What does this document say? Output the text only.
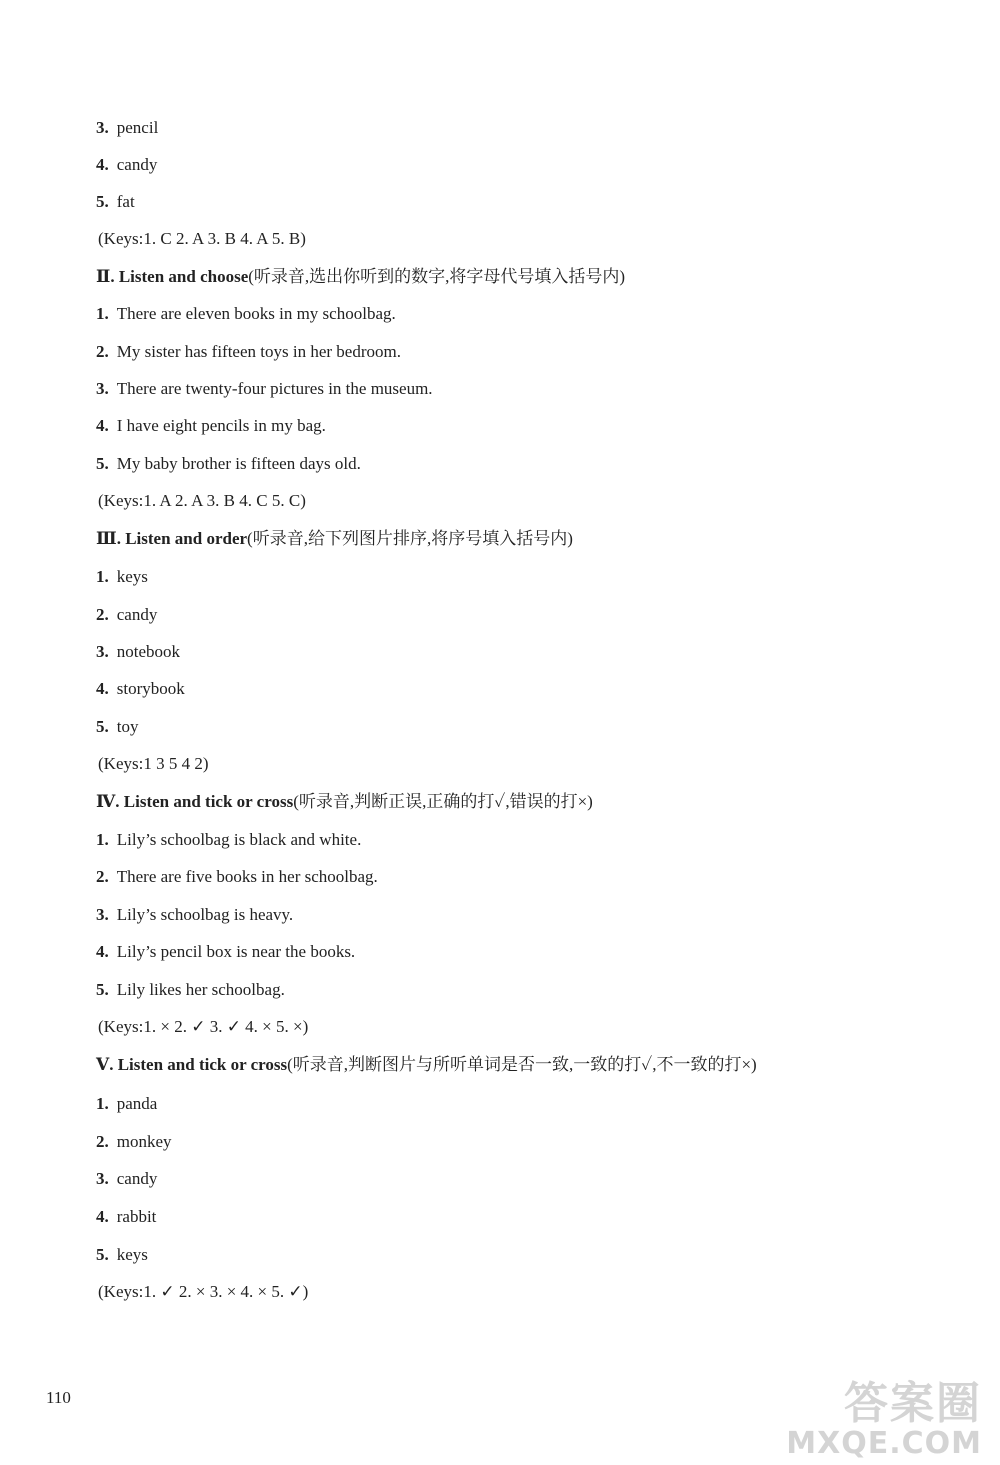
3. pencil
4. candy
5. fat
(Keys:1. C 2. A 3. B 4. A 5. B)
Ⅱ. Listen and choose(听录音,选出你听到的数字,将字母代号填入括号内)
1. There are eleven books in my schoolbag.
2. My sister has fifteen toys in her bedroom.
3. There are twenty-four pictures in the museum.
4. I have eight pencils in my bag.
5. My baby brother is fifteen days old.
(Keys:1. A 2. A 3. B 4. C 5. C)
Ⅲ. Listen and order(听录音,给下列图片排序,将序号填入括号内)
1. keys
2. candy
3. notebook
4. storybook
5. toy
(Keys:1 3 5 4 2)
Ⅳ. Listen and tick or cross(听录音,判断正误,正确的打✓,错误的打×)
1. Lily’s schoolbag is black and white.
2. There are five books in her schoolbag.
3. Lily’s schoolbag is heavy.
4. Lily’s pencil box is near the books.
5. Lily likes her schoolbag.
(Keys:1. × 2. ✓ 3. ✓ 4. × 5. ×)
Ⅴ. Listen and tick or cross(听录音,判断图片与所听单词是否一致,一致的打✓,不一致的打×)
1. panda
2. monkey
3. candy
4. rabbit
5. keys
(Keys:1. ✓ 2. × 3. × 4. × 5. ✓)
110	答案圈
MXQE.COM
